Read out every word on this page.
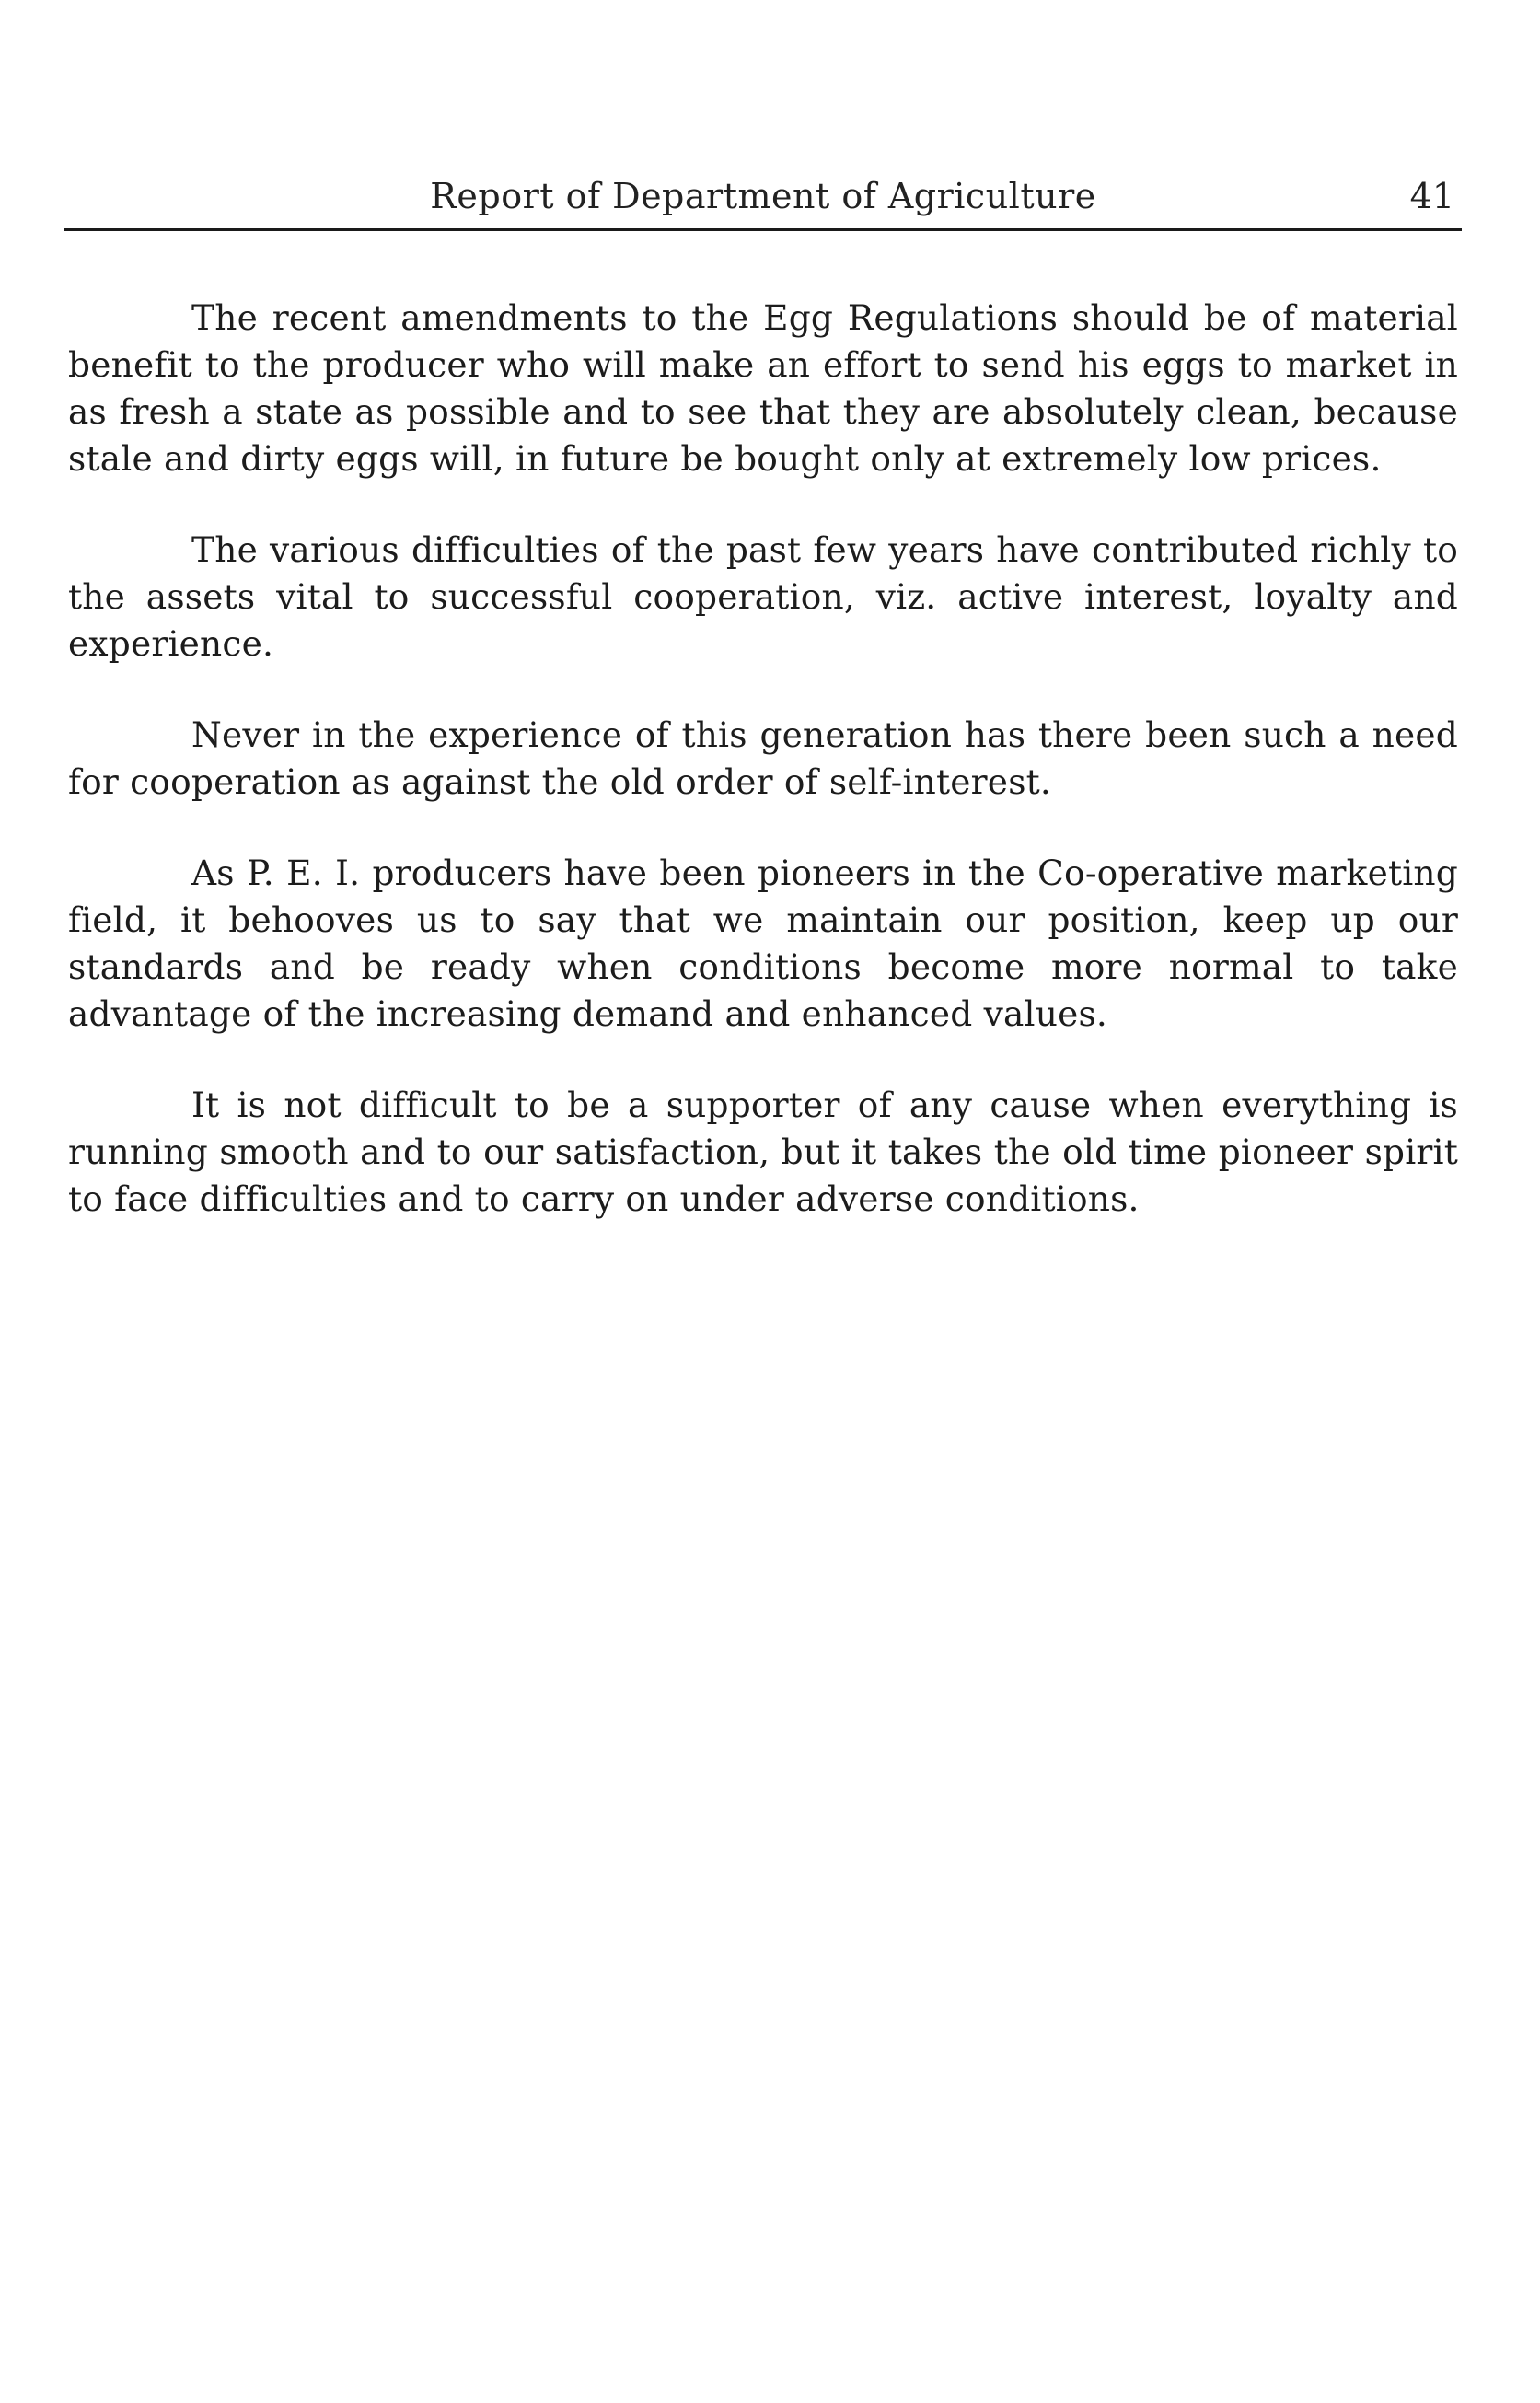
Report of Department of Agriculture	41

The recent amendments to the Egg Regulations should be of material benefit to the producer who will make an effort to send his eggs to market in as fresh a state as possible and to see that they are absolutely clean, because stale and dirty eggs will, in future be bought only at extremely low prices.

The various difficulties of the past few years have contributed richly to the assets vital to successful cooperation, viz. active interest, loyalty and experience.

Never in the experience of this generation has there been such a need for cooperation as against the old order of self-interest.

As P. E. I. producers have been pioneers in the Co-operative marketing field, it behooves us to say that we maintain our position, keep up our standards and be ready when conditions become more normal to take advantage of the increasing demand and enhanced values.

It is not difficult to be a supporter of any cause when everything is running smooth and to our satisfaction, but it takes the old time pioneer spirit to face difficulties and to carry on under adverse conditions.
